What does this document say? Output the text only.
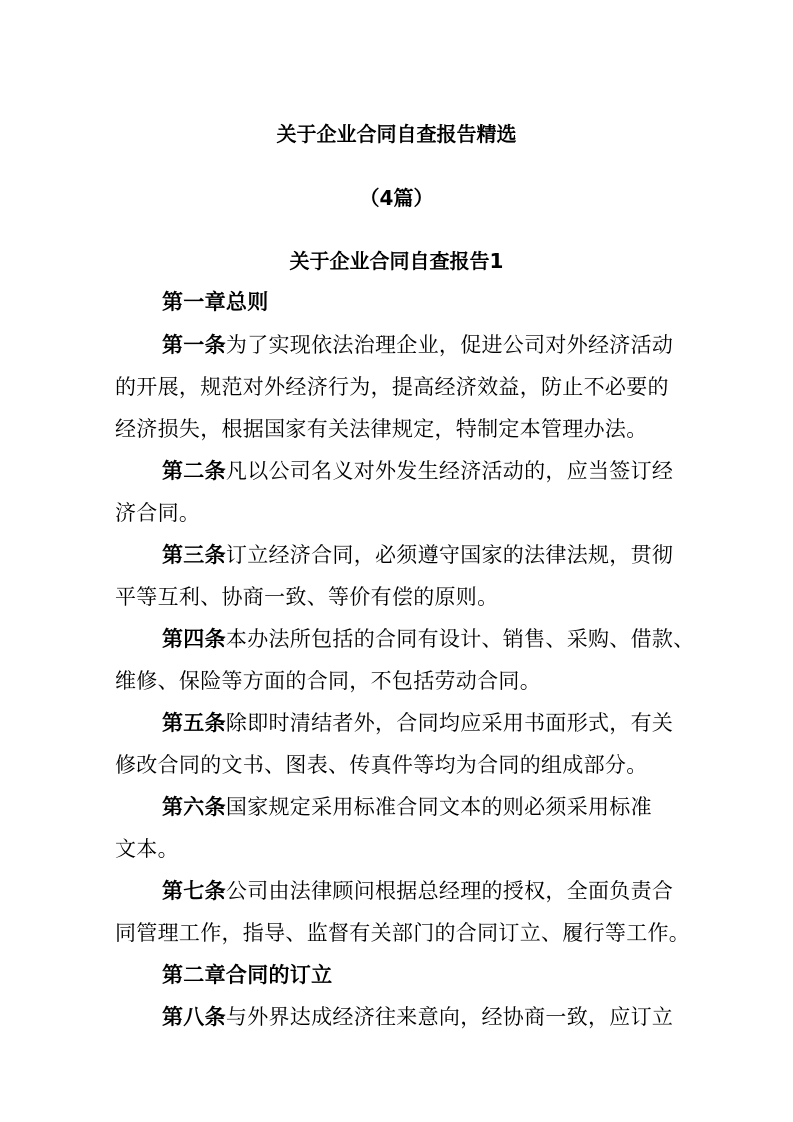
关于企业合同自查报告精选
（4篇）
关于企业合同自查报告1
第一章总则
第一条为了实现依法治理企业，促进公司对外经济活动
的开展，规范对外经济行为，提高经济效益，防止不必要的
经济损失，根据国家有关法律规定，特制定本管理办法。
第二条凡以公司名义对外发生经济活动的，应当签订经
济合同。
第三条订立经济合同，必须遵守国家的法律法规，贯彻
平等互利、协商一致、等价有偿的原则。
第四条本办法所包括的合同有设计、销售、采购、借款、
维修、保险等方面的合同，不包括劳动合同。
第五条除即时清结者外，合同均应采用书面形式，有关
修改合同的文书、图表、传真件等均为合同的组成部分。
第六条国家规定采用标准合同文本的则必须采用标准
文本。
第七条公司由法律顾问根据总经理的授权，全面负责合
同管理工作，指导、监督有关部门的合同订立、履行等工作。
第二章合同的订立
第八条与外界达成经济往来意向，经协商一致，应订立
